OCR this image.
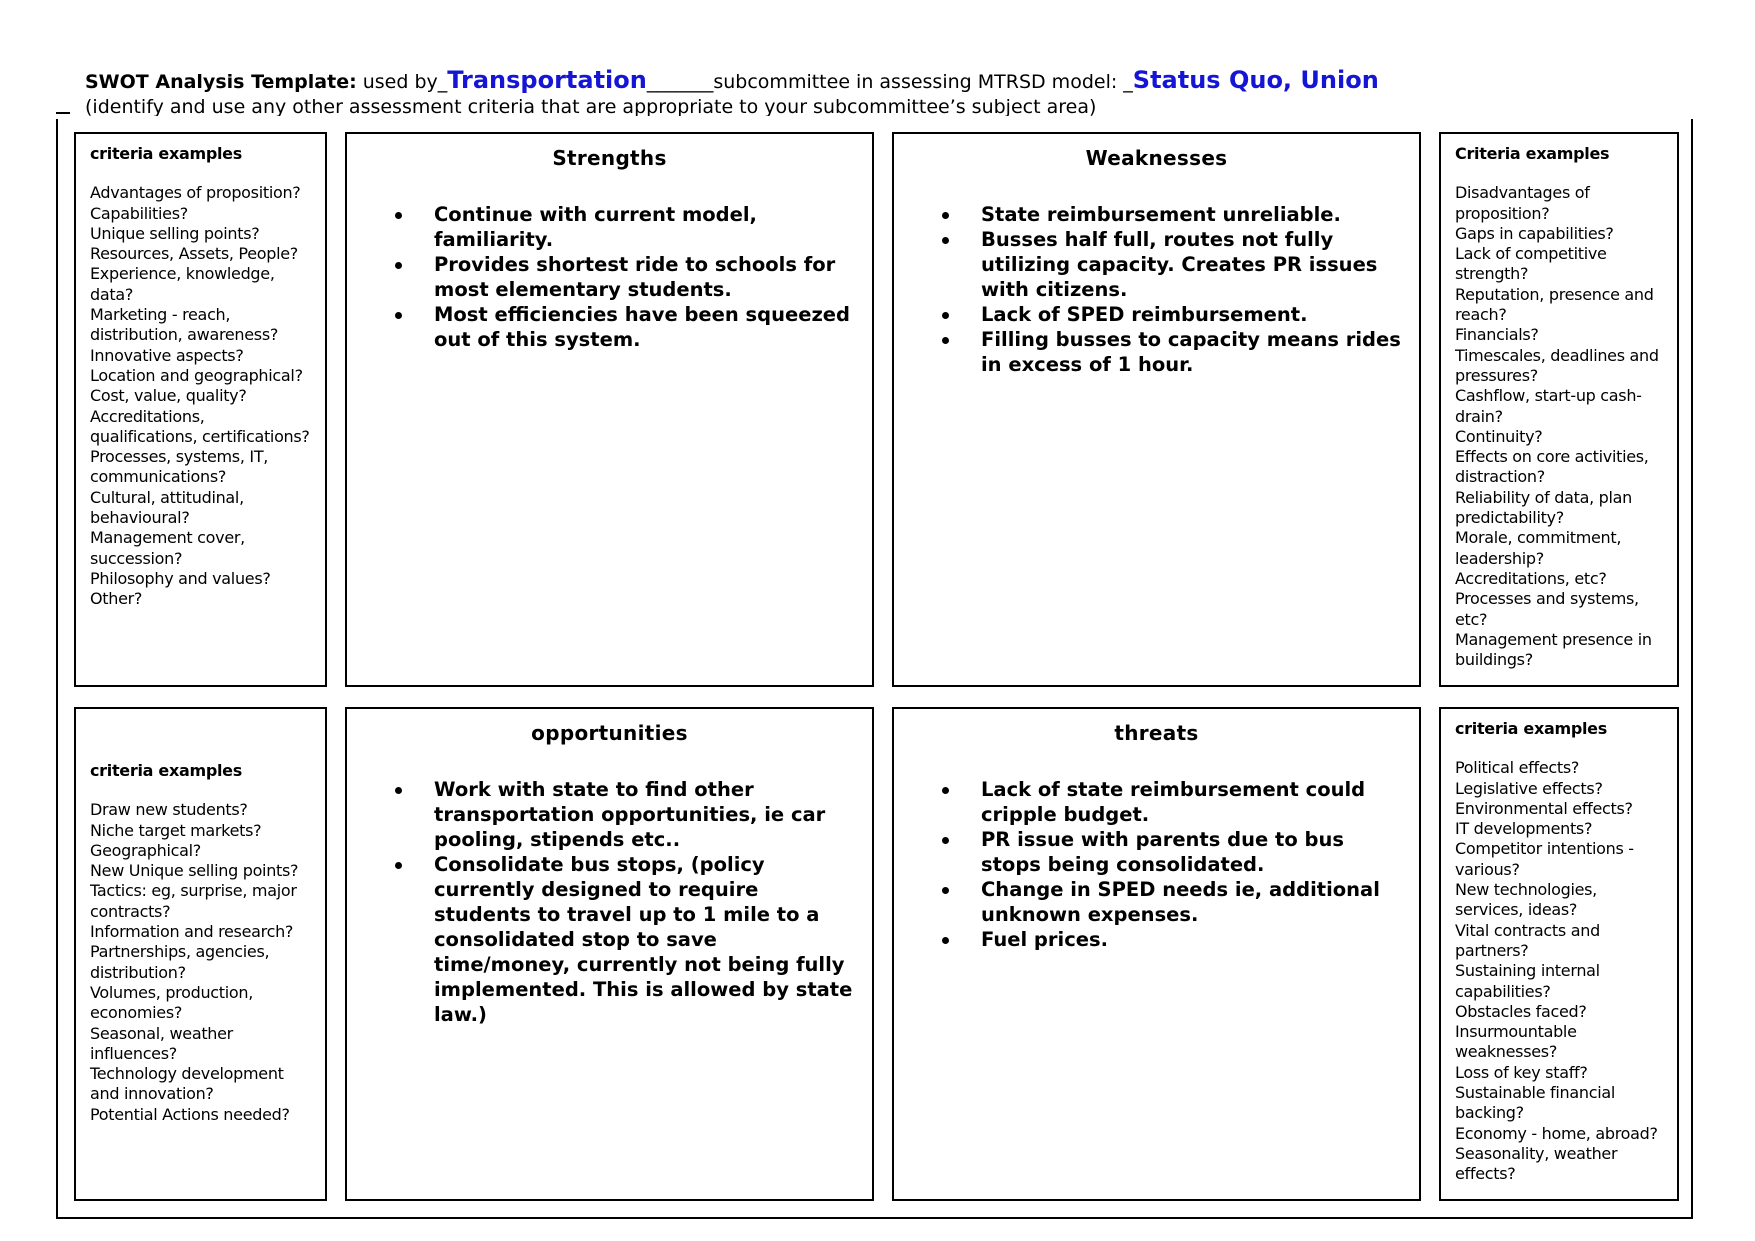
SWOT Analysis Template: used by_Transportation_______subcommittee in assessing MTRSD model: _Status Quo, Union
(identify and use any other assessment criteria that are appropriate to your subcommittee’s subject area)
criteria examples
Advantages of proposition?
Capabilities?
Unique selling points?
Resources, Assets, People?
Experience, knowledge, data?
Marketing - reach, distribution, awareness?
Innovative aspects?
Location and geographical?
Cost, value, quality?
Accreditations, qualifications, certifications?
Processes, systems, IT, communications?
Cultural, attitudinal, behavioural?
Management cover, succession?
Philosophy and values?
Other?
Strengths
Continue with current model, familiarity.
Provides shortest ride to schools for most elementary students.
Most efficiencies have been squeezed out of this system.
Weaknesses
State reimbursement unreliable.
Busses half full, routes not fully utilizing capacity. Creates PR issues with citizens.
Lack of SPED reimbursement.
Filling busses to capacity means rides in excess of 1 hour.
Criteria examples
Disadvantages of proposition?
Gaps in capabilities?
Lack of competitive strength?
Reputation, presence and reach?
Financials?
Timescales, deadlines and pressures?
Cashflow, start-up cash-drain?
Continuity?
Effects on core activities, distraction?
Reliability of data, plan predictability?
Morale, commitment, leadership?
Accreditations, etc?
Processes and systems, etc?
Management presence in buildings?
criteria examples
Draw new students?
Niche target markets?
Geographical?
New Unique selling points?
Tactics: eg, surprise, major contracts?
Information and research?
Partnerships, agencies, distribution?
Volumes, production, economies?
Seasonal, weather influences?
Technology development and innovation?
Potential Actions needed?
opportunities
Work with state to find other transportation opportunities, ie car pooling, stipends etc..
Consolidate bus stops, (policy currently designed to require students to travel up to 1 mile to a consolidated stop to save time/money, currently not being fully implemented. This is allowed by state law.)
threats
Lack of state reimbursement could cripple budget.
PR issue with parents due to bus stops being consolidated.
Change in SPED needs ie, additional unknown expenses.
Fuel prices.
criteria examples
Political effects?
Legislative effects?
Environmental effects?
IT developments?
Competitor intentions - various?
New technologies, services, ideas?
Vital contracts and partners?
Sustaining internal capabilities?
Obstacles faced?
Insurmountable weaknesses?
Loss of key staff?
Sustainable financial backing?
Economy - home, abroad?
Seasonality, weather effects?
